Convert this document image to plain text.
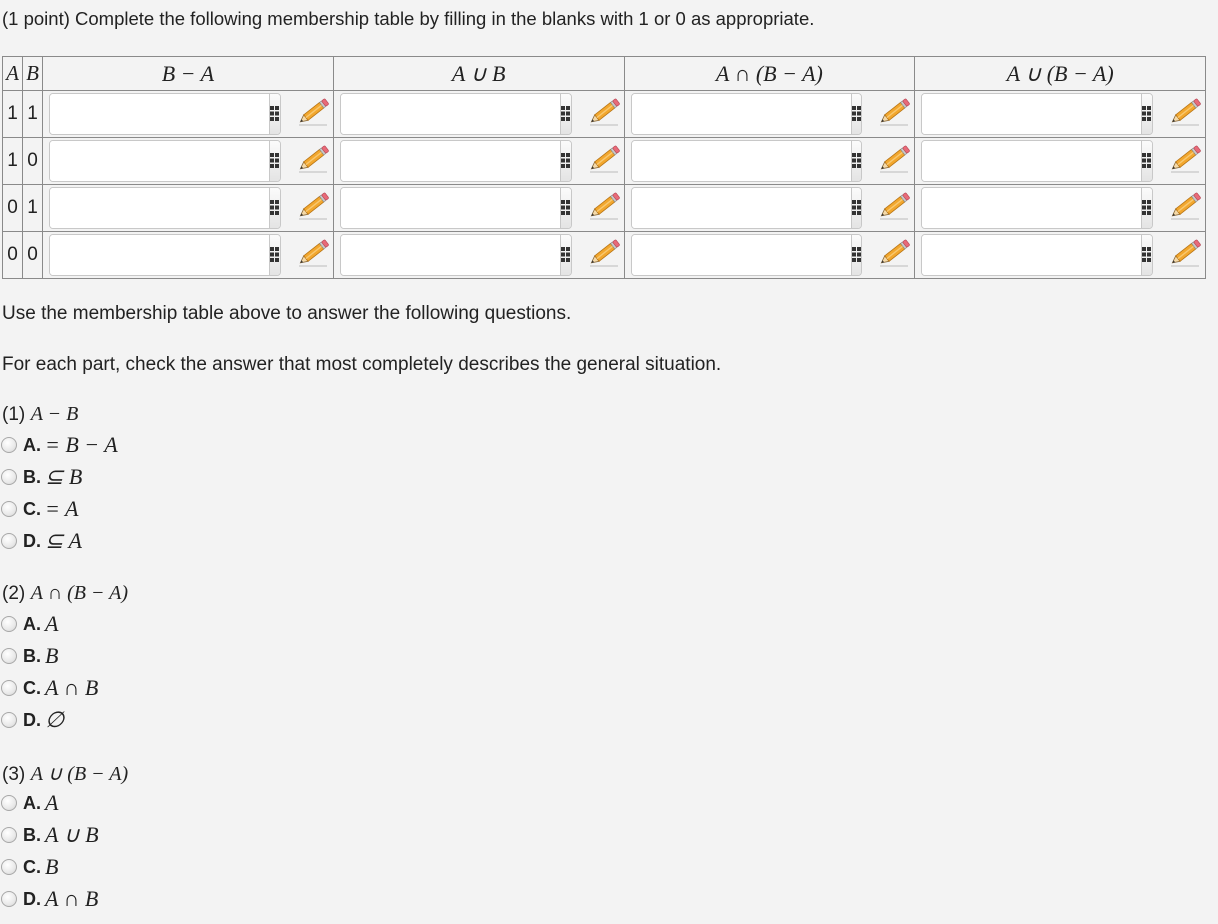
(1 point) Complete the following membership table by filling in the blanks with 1 or 0 as appropriate.
A	B	B − A	A ∪ B	A ∩ (B − A)	A ∪ (B − A)
1	1	

1	0	

0	1	

0	0	

Use the membership table above to answer the following questions.
For each part, check the answer that most completely describes the general situation.
(1) A − B
A. = B − A
B. ⊆ B
C. = A
D. ⊆ A
(2) A ∩ (B − A)
A. A
B. B
C. A ∩ B
D. ∅
(3) A ∪ (B − A)
A. A
B. A ∪ B
C. B
D. A ∩ B
